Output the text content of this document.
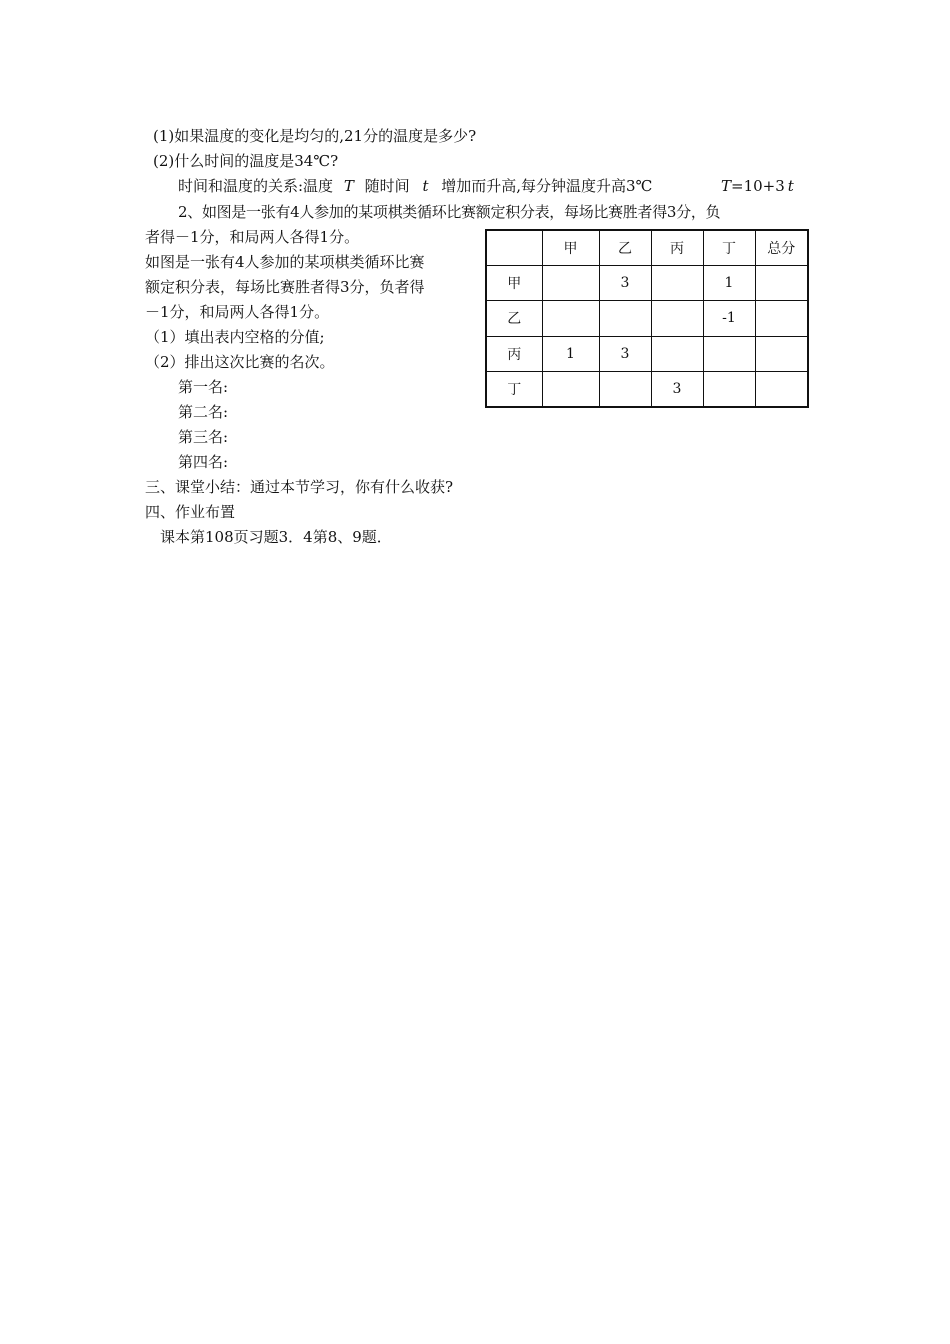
(1)如果温度的变化是均匀的,21分的温度是多少?
(2)什么时间的温度是34℃?
时间和温度的关系:温度 T 随时间 t 增加而升高,每分钟温度升高3℃	T=10+3 t
2、如图是一张有4人参加的某项棋类循环比赛额定积分表，每场比赛胜者得3分，负
者得－1分，和局两人各得1分。
如图是一张有4人参加的某项棋类循环比赛
额定积分表，每场比赛胜者得3分，负者得
－1分，和局两人各得1分。
（1）填出表内空格的分值;
（2）排出这次比赛的名次。
第一名:
第二名:
第三名:
第四名:
三、课堂小结：通过本节学习，你有什么收获?
四、作业布置
课本第108页习题3．4第8、9题．
	甲	乙	丙	丁	总分
甲		3		1	
乙				-1	
丙	1	3			
丁			3		
